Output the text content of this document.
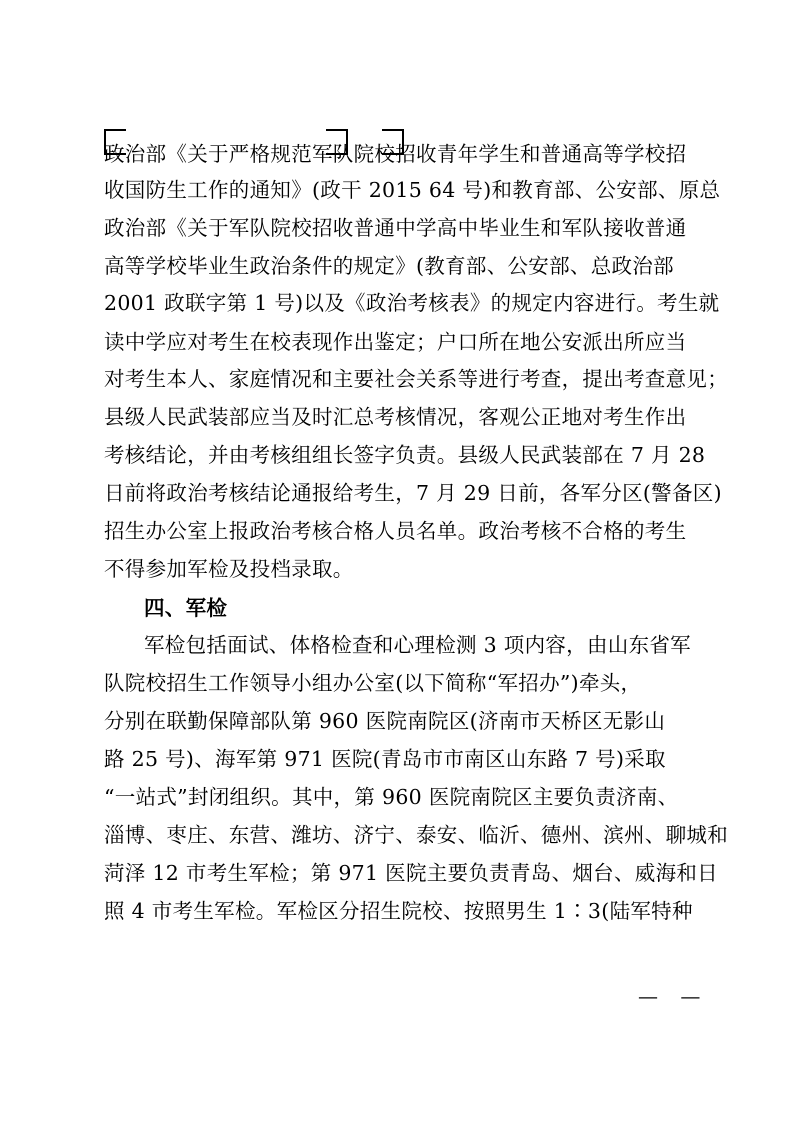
政治部《关于严格规范军队院校招收青年学生和普通高等学校招
收国防生工作的通知》(政干 2015 64 号)和教育部、公安部、原总
政治部《关于军队院校招收普通中学高中毕业生和军队接收普通
高等学校毕业生政治条件的规定》(教育部、公安部、总政治部
2001 政联字第 1 号)以及《政治考核表》的规定内容进行。考生就
读中学应对考生在校表现作出鉴定；户口所在地公安派出所应当
对考生本人、家庭情况和主要社会关系等进行考查，提出考查意见；
县级人民武装部应当及时汇总考核情况，客观公正地对考生作出
考核结论，并由考核组组长签字负责。县级人民武装部在 7 月 28
日前将政治考核结论通报给考生，7 月 29 日前，各军分区(警备区)
招生办公室上报政治考核合格人员名单。政治考核不合格的考生
不得参加军检及投档录取。
四、军检
军检包括面试、体格检查和心理检测 3 项内容，由山东省军
队院校招生工作领导小组办公室(以下简称“军招办”)牵头，
分别在联勤保障部队第 960 医院南院区(济南市天桥区无影山
路 25 号)、海军第 971 医院(青岛市市南区山东路 7 号)采取
“一站式”封闭组织。其中，第 960 医院南院区主要负责济南、
淄博、枣庄、东营、潍坊、济宁、泰安、临沂、德州、滨州、聊城和
菏泽 12 市考生军检；第 971 医院主要负责青岛、烟台、威海和日
照 4 市考生军检。军检区分招生院校、按照男生 1∶3(陆军特种
— —
